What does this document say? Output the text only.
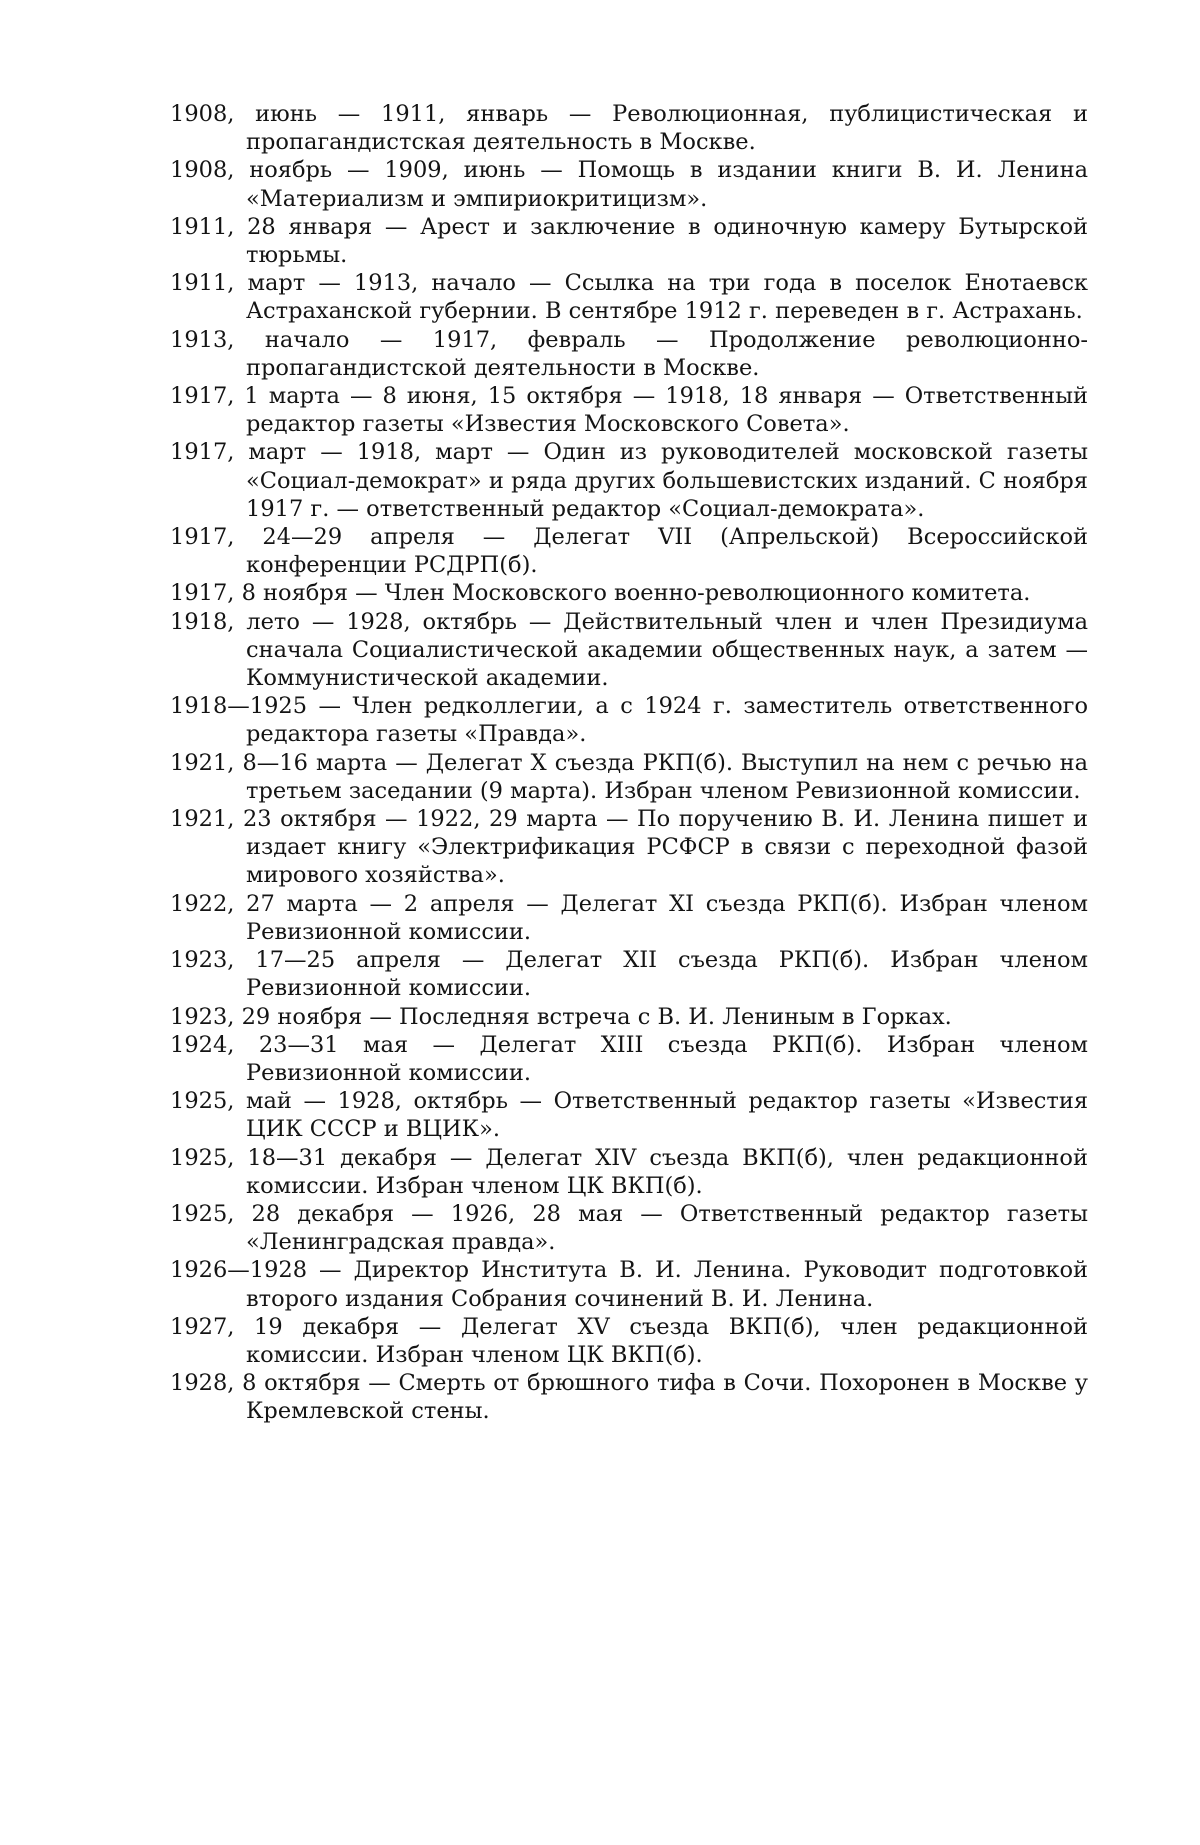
1908, июнь — 1911, январь — Революционная, публицистическая и пропагандистская деятельность в Москве.

1908, ноябрь — 1909, июнь — Помощь в издании книги В. И. Ленина «Материализм и эмпириокритицизм».

1911, 28 января — Арест и заключение в одиночную камеру Бутырской тюрьмы.

1911, март — 1913, начало — Ссылка на три года в поселок Енотаевск Астраханской губернии. В сентябре 1912 г. переведен в г. Астрахань.

1913, начало — 1917, февраль — Продолжение революционно-пропагандистской деятельности в Москве.

1917, 1 марта — 8 июня, 15 октября — 1918, 18 января — Ответственный редактор газеты «Известия Московского Совета».

1917, март — 1918, март — Один из руководителей московской газеты «Социал-демократ» и ряда других большевистских изданий. С ноября 1917 г. — ответственный редактор «Социал-демократа».

1917, 24—29 апреля — Делегат VII (Апрельской) Всероссийской конференции РСДРП(б).

1917, 8 ноября — Член Московского военно-революционного комитета.

1918, лето — 1928, октябрь — Действительный член и член Президиума сначала Социалистической академии общественных наук, а затем — Коммунистической академии.

1918—1925 — Член редколлегии, а с 1924 г. заместитель ответственного редактора газеты «Правда».

1921, 8—16 марта — Делегат X съезда РКП(б). Выступил на нем с речью на третьем заседании (9 марта). Избран членом Ревизионной комиссии.

1921, 23 октября — 1922, 29 марта — По поручению В. И. Ленина пишет и издает книгу «Электрификация РСФСР в связи с переходной фазой мирового хозяйства».

1922, 27 марта — 2 апреля — Делегат XI съезда РКП(б). Избран членом Ревизионной комиссии.

1923, 17—25 апреля — Делегат XII съезда РКП(б). Избран членом Ревизионной комиссии.

1923, 29 ноября — Последняя встреча с В. И. Лениным в Горках.

1924, 23—31 мая — Делегат XIII съезда РКП(б). Избран членом Ревизионной комиссии.

1925, май — 1928, октябрь — Ответственный редактор газеты «Известия ЦИК СССР и ВЦИК».

1925, 18—31 декабря — Делегат XIV съезда ВКП(б), член редакционной комиссии. Избран членом ЦК ВКП(б).

1925, 28 декабря — 1926, 28 мая — Ответственный редактор газеты «Ленинградская правда».

1926—1928 — Директор Института В. И. Ленина. Руководит подготовкой второго издания Собрания сочинений В. И. Ленина.

1927, 19 декабря — Делегат XV съезда ВКП(б), член редакционной комиссии. Избран членом ЦК ВКП(б).

1928, 8 октября — Смерть от брюшного тифа в Сочи. Похоронен в Москве у Кремлевской стены.
